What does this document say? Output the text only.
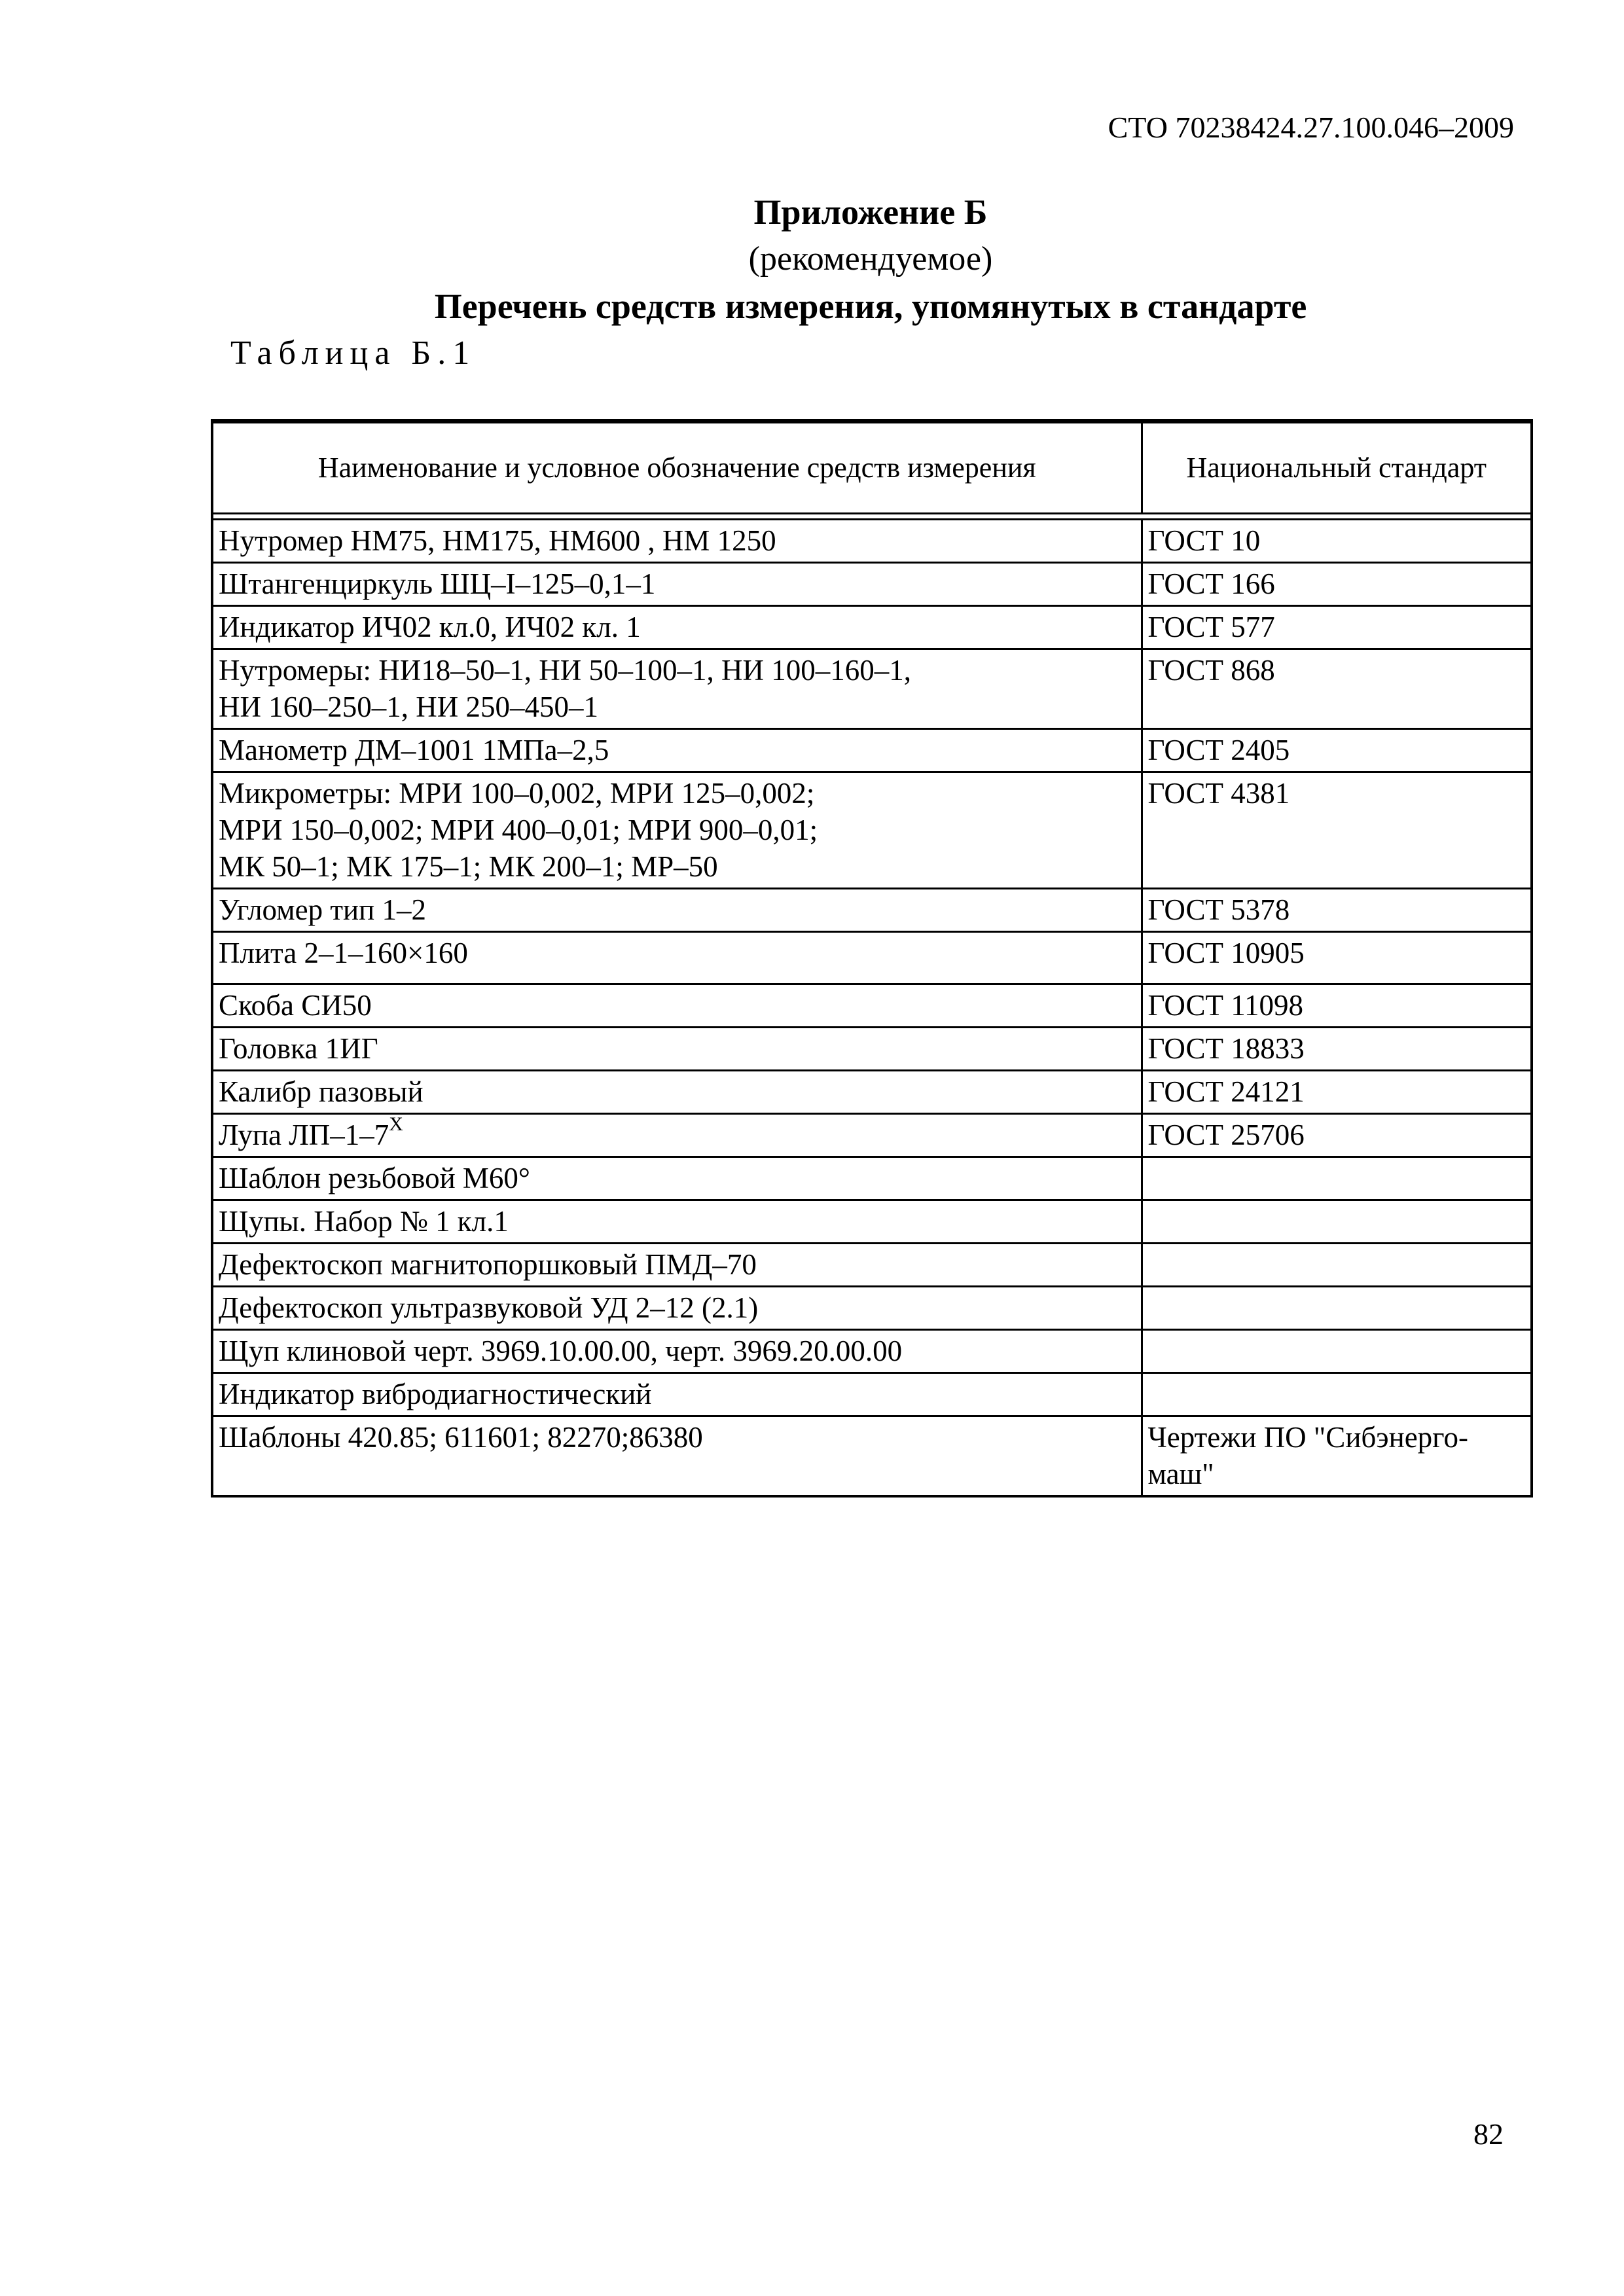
СТО 70238424.27.100.046–2009

Приложение Б

(рекомендуемое)

Перечень средств измерения, упомянутых в стандарте

Таблица Б.1
Наименование и условное обозначение средств измерения	Национальный стандарт

Нутромер НМ75, НМ175, НМ600 , НМ 1250	ГОСТ 10
Штангенциркуль ШЦ–I–125–0,1–1	ГОСТ 166
Индикатор ИЧ02 кл.0, ИЧ02 кл. 1	ГОСТ 577
Нутромеры: НИ18–50–1, НИ 50–100–1, НИ 100–160–1,
НИ 160–250–1, НИ 250–450–1	ГОСТ 868
Манометр ДМ–1001 1МПа–2,5	ГОСТ 2405
Микрометры: МРИ 100–0,002, МРИ 125–0,002;
МРИ 150–0,002; МРИ 400–0,01; МРИ 900–0,01;
МК 50–1; МК 175–1; МК 200–1; МР–50	ГОСТ 4381
Угломер тип 1–2	ГОСТ 5378
Плита 2–1–160×160	ГОСТ 10905
Скоба СИ50	ГОСТ 11098
Головка 1ИГ	ГОСТ 18833
Калибр пазовый	ГОСТ 24121
Лупа $ЛП-1-7^X$	ГОСТ 25706
Шаблон резьбовой М60°	
Щупы. Набор № 1 кл.1	
Дефектоскоп магнитопоршковый ПМД–70	
Дефектоскоп ультразвуковой УД 2–12 (2.1)	
Щуп клиновой черт. 3969.10.00.00, черт. 3969.20.00.00	
Индикатор вибродиагностический	
Шаблоны 420.85; 611601; 82270;86380	Чертежи ПО "Сибэнерго-
маш"
82
